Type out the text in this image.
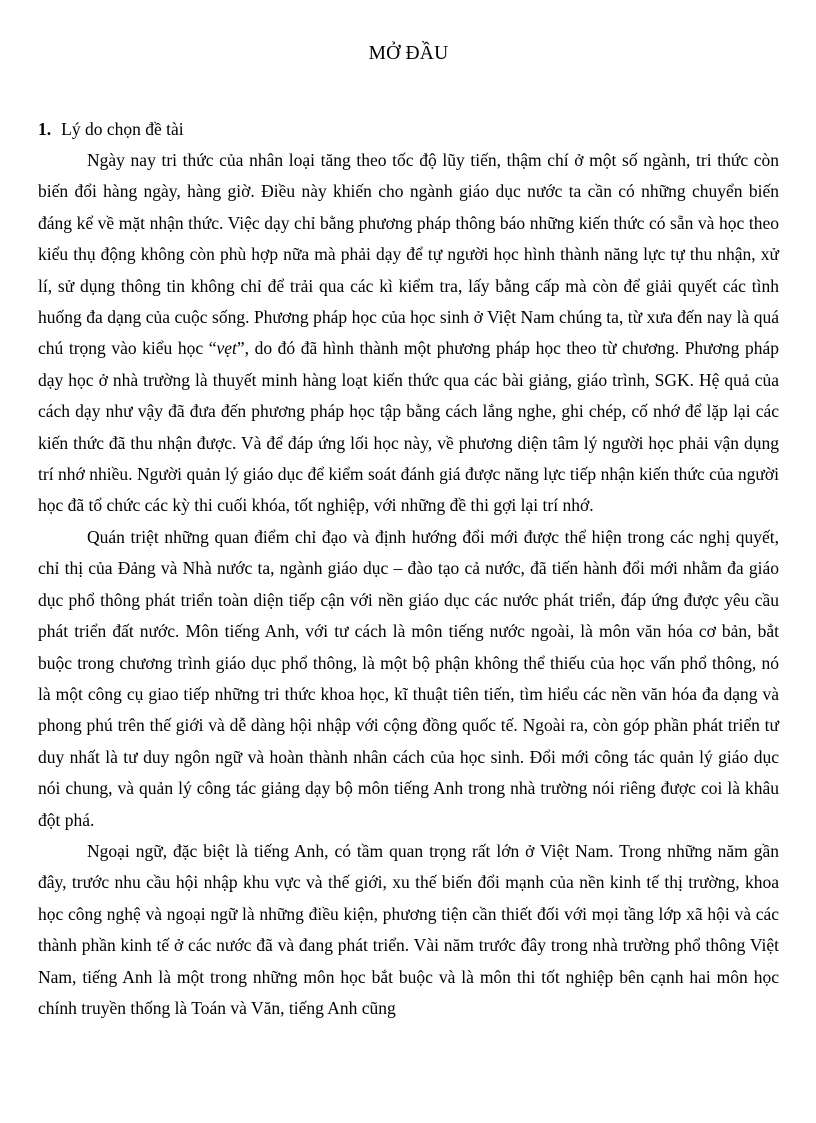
MỞ ĐẦU
1. Lý do chọn đề tài

Ngày nay tri thức của nhân loại tăng theo tốc độ lũy tiến, thậm chí ở một số ngành, tri thức còn biến đổi hàng ngày, hàng giờ. Điều này khiến cho ngành giáo dục nước ta cần có những chuyển biến đáng kể về mặt nhận thức. Việc dạy chỉ bằng phương pháp thông báo những kiến thức có sẵn và học theo kiểu thụ động không còn phù hợp nữa mà phải dạy để tự người học hình thành năng lực tự thu nhận, xử lí, sử dụng thông tin không chỉ để trải qua các kì kiểm tra, lấy bằng cấp mà còn để giải quyết các tình huống đa dạng của cuộc sống. Phương pháp học của học sinh ở Việt Nam chúng ta, từ xưa đến nay là quá chú trọng vào kiểu học “vẹt”, do đó đã hình thành một phương pháp học theo từ chương. Phương pháp dạy học ở nhà trường là thuyết minh hàng loạt kiến thức qua các bài giảng, giáo trình, SGK. Hệ quả của cách dạy như vậy đã đưa đến phương pháp học tập bằng cách lắng nghe, ghi chép, cố nhớ để lặp lại các kiến thức đã thu nhận được. Và để đáp ứng lối học này, về phương diện tâm lý người học phải vận dụng trí nhớ nhiều. Người quản lý giáo dục để kiểm soát đánh giá được năng lực tiếp nhận kiến thức của người học đã tổ chức các kỳ thi cuối khóa, tốt nghiệp, với những đề thi gợi lại trí nhớ.

Quán triệt những quan điểm chỉ đạo và định hướng đổi mới được thể hiện trong các nghị quyết, chỉ thị của Đảng và Nhà nước ta, ngành giáo dục – đào tạo cả nước, đã tiến hành đổi mới nhằm đa giáo dục phổ thông phát triển toàn diện tiếp cận với nền giáo dục các nước phát triển, đáp ứng được yêu cầu phát triển đất nước. Môn tiếng Anh, với tư cách là môn tiếng nước ngoài, là môn văn hóa cơ bản, bắt buộc trong chương trình giáo dục phổ thông, là một bộ phận không thể thiếu của học vấn phổ thông, nó là một công cụ giao tiếp những tri thức khoa học, kĩ thuật tiên tiến, tìm hiểu các nền văn hóa đa dạng và phong phú trên thế giới và dễ dàng hội nhập với cộng đồng quốc tế. Ngoài ra, còn góp phần phát triển tư duy nhất là tư duy ngôn ngữ và hoàn thành nhân cách của học sinh. Đổi mới công tác quản lý giáo dục nói chung, và quản lý công tác giảng dạy bộ môn tiếng Anh trong nhà trường nói riêng được coi là khâu đột phá.

Ngoại ngữ, đặc biệt là tiếng Anh, có tầm quan trọng rất lớn ở Việt Nam. Trong những năm gần đây, trước nhu cầu hội nhập khu vực và thế giới, xu thế biến đổi mạnh của nền kinh tế thị trường, khoa học công nghệ và ngoại ngữ là những điều kiện, phương tiện cần thiết đối với mọi tầng lớp xã hội và các thành phần kinh tế ở các nước đã và đang phát triển. Vài năm trước đây trong nhà trường phổ thông Việt Nam, tiếng Anh là một trong những môn học bắt buộc và là môn thi tốt nghiệp bên cạnh hai môn học chính truyền thống là Toán và Văn, tiếng Anh cũng
